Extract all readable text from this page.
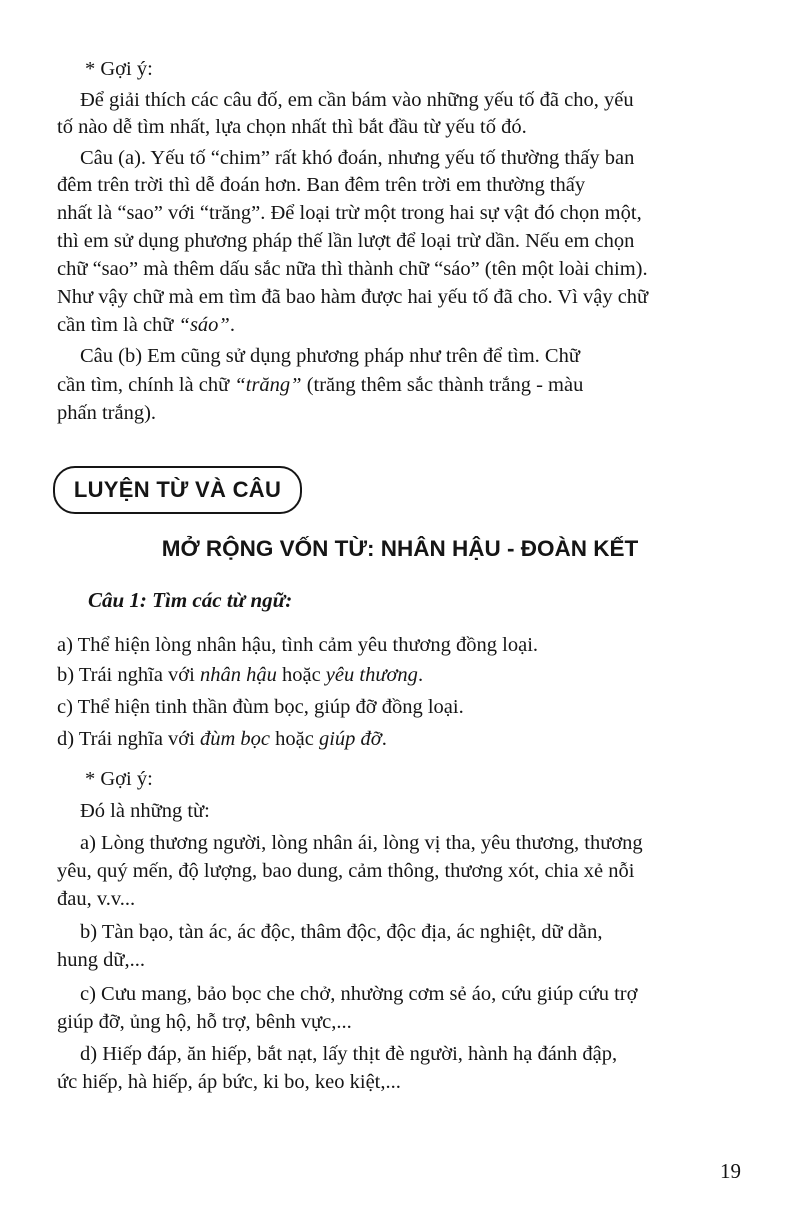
* Gợi ý:
Để giải thích các câu đố, em cần bám vào những yếu tố đã cho, yếu
tố nào dễ tìm nhất, lựa chọn nhất thì bắt đầu từ yếu tố đó.
Câu (a). Yếu tố “chim” rất khó đoán, nhưng yếu tố thường thấy ban
đêm trên trời thì dễ đoán hơn. Ban đêm trên trời em thường thấy
nhất là “sao” với “trăng”. Để loại trừ một trong hai sự vật đó chọn một,
thì em sử dụng phương pháp thế lần lượt để loại trừ dần. Nếu em chọn
chữ “sao” mà thêm dấu sắc nữa thì thành chữ “sáo” (tên một loài chim).
Như vậy chữ mà em tìm đã bao hàm được hai yếu tố đã cho. Vì vậy chữ
cần tìm là chữ “sáo”.
Câu (b) Em cũng sử dụng phương pháp như trên để tìm. Chữ
cần tìm, chính là chữ “trăng” (trăng thêm sắc thành trắng - màu
phấn trắng).
LUYỆN TỪ VÀ CÂU
MỞ RỘNG VỐN TỪ: NHÂN HẬU - ĐOÀN KẾT
Câu 1: Tìm các từ ngữ:
a) Thể hiện lòng nhân hậu, tình cảm yêu thương đồng loại.
b) Trái nghĩa với nhân hậu hoặc yêu thương.
c) Thể hiện tinh thần đùm bọc, giúp đỡ đồng loại.
d) Trái nghĩa với đùm bọc hoặc giúp đỡ.
* Gợi ý:
Đó là những từ:
a) Lòng thương người, lòng nhân ái, lòng vị tha, yêu thương, thương
yêu, quý mến, độ lượng, bao dung, cảm thông, thương xót, chia xẻ nỗi
đau, v.v...
b) Tàn bạo, tàn ác, ác độc, thâm độc, độc địa, ác nghiệt, dữ dằn,
hung dữ,...
c) Cưu mang, bảo bọc che chở, nhường cơm sẻ áo, cứu giúp cứu trợ
giúp đỡ, ủng hộ, hỗ trợ, bênh vực,...
d) Hiếp đáp, ăn hiếp, bắt nạt, lấy thịt đè người, hành hạ đánh đập,
ức hiếp, hà hiếp, áp bức, ki bo, keo kiệt,...
19
